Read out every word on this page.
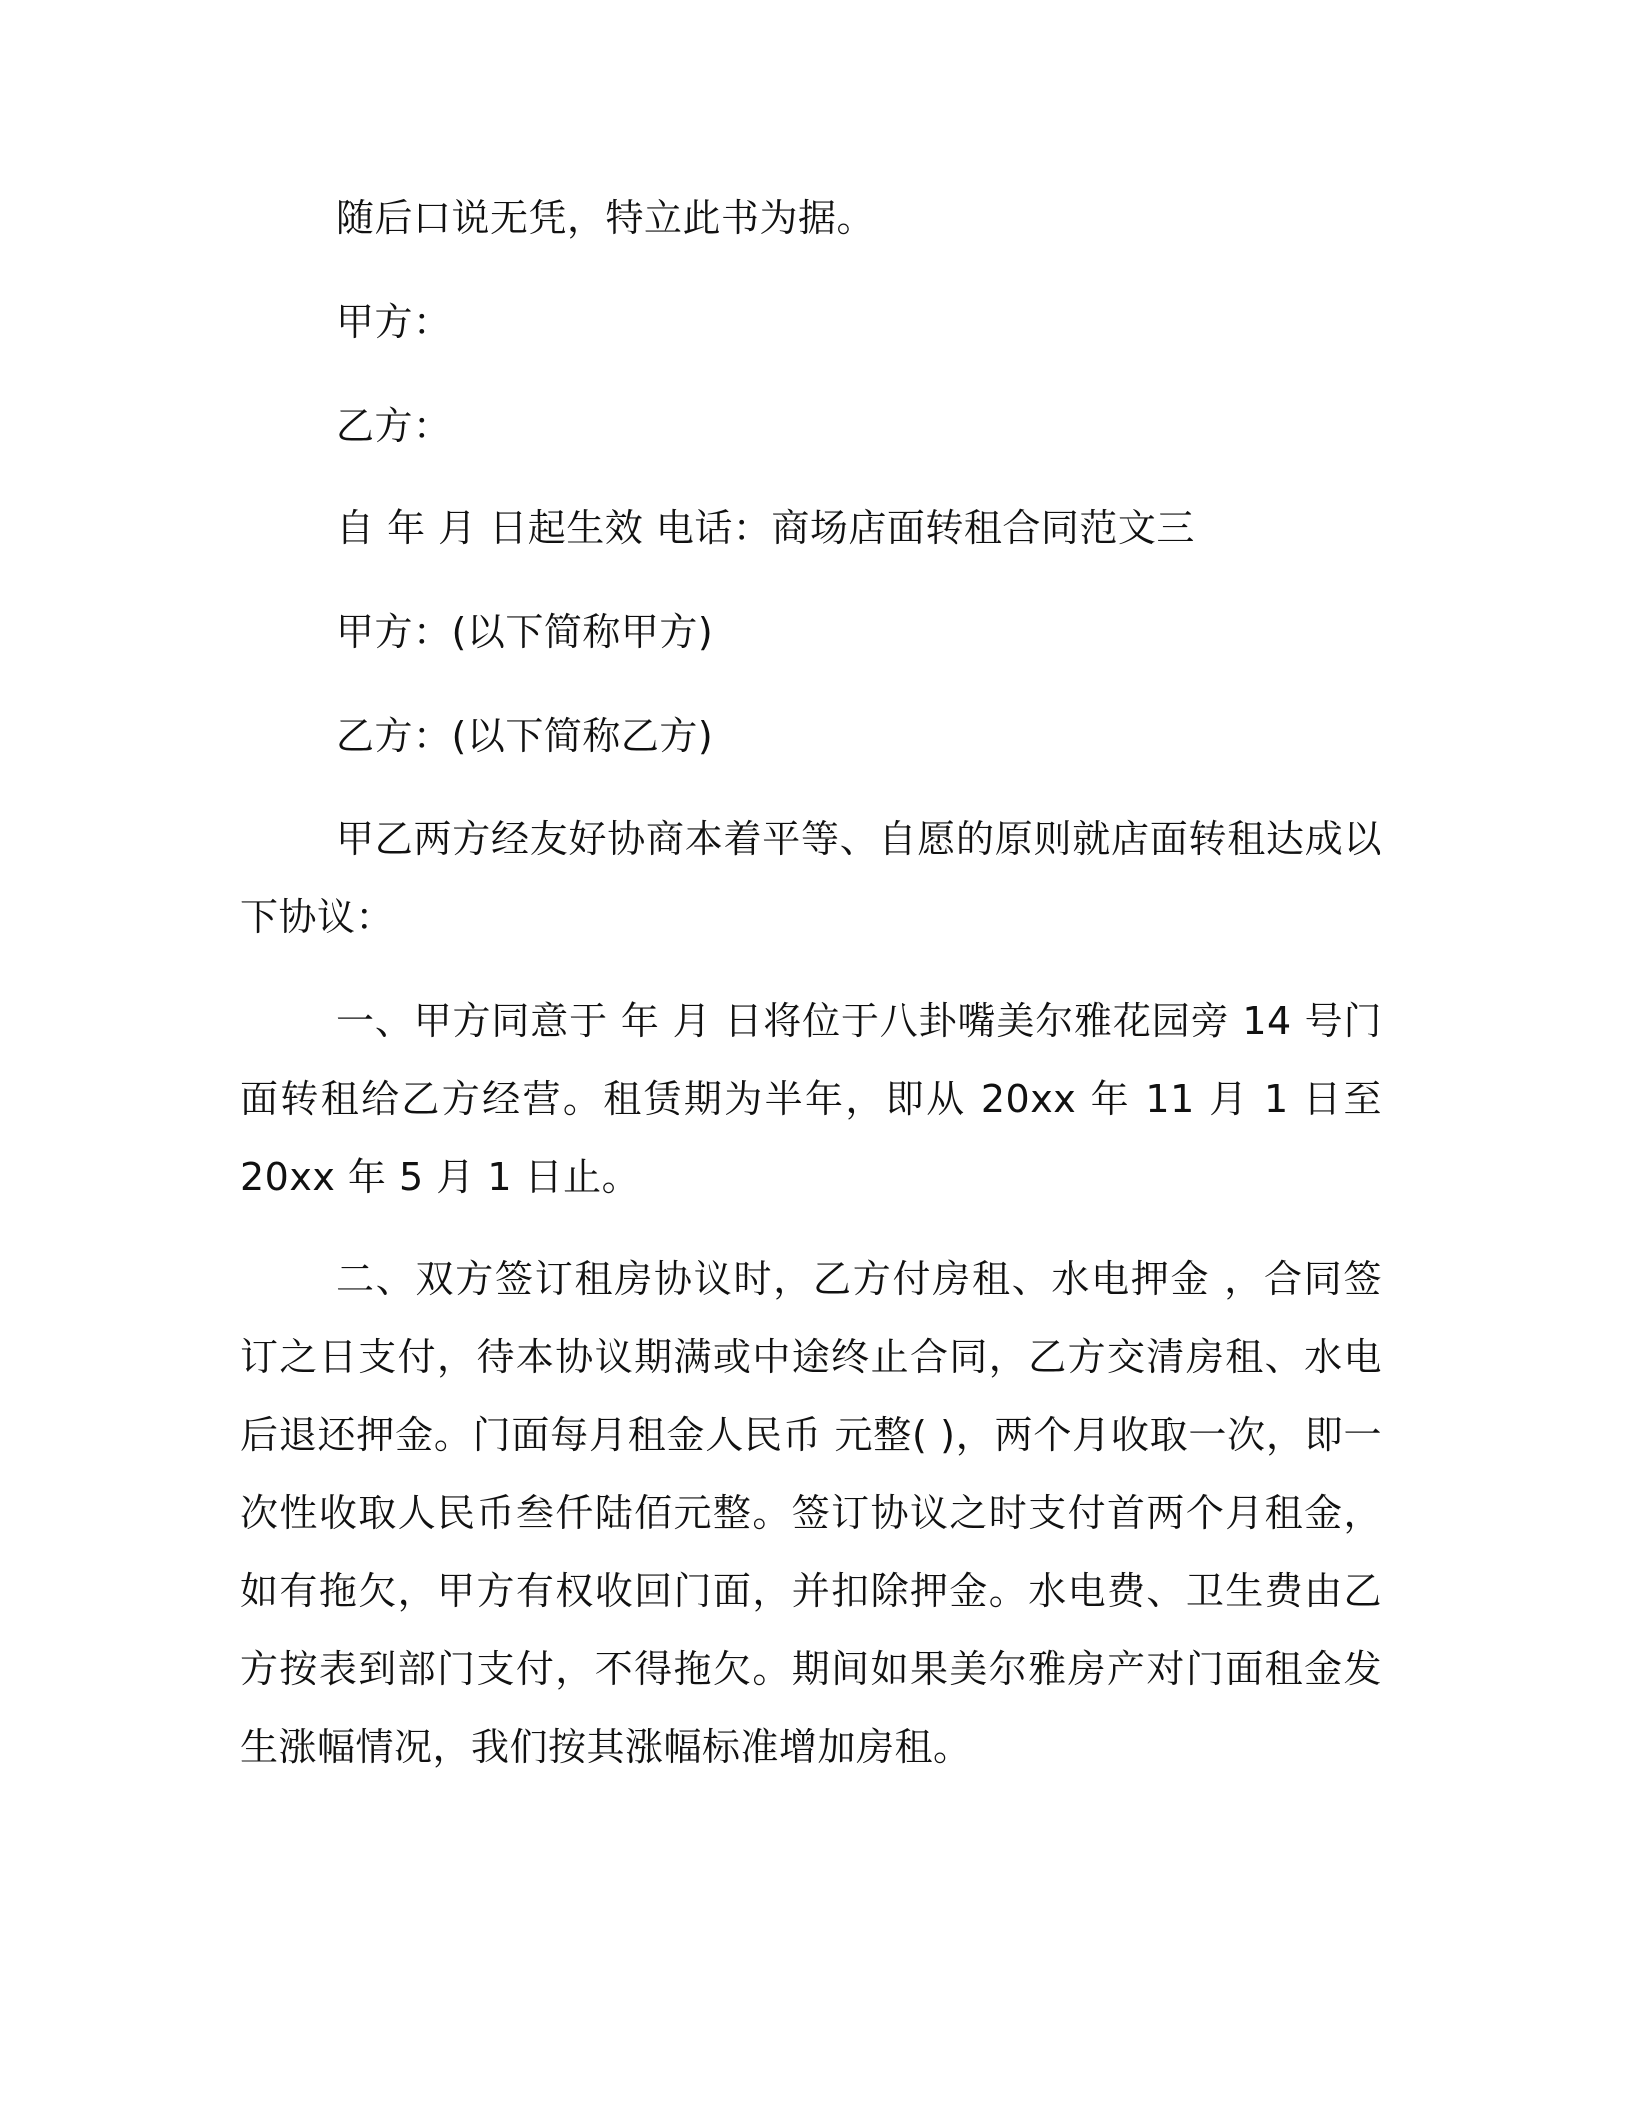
随后口说无凭，特立此书为据。
甲方：
乙方：
自 年 月 日起生效 电话：商场店面转租合同范文三
甲方：(以下简称甲方)
乙方：(以下简称乙方)
甲乙两方经友好协商本着平等、自愿的原则就店面转租达成以下协议：
一、甲方同意于 年 月 日将位于八卦嘴美尔雅花园旁 14 号门面转租给乙方经营。租赁期为半年，即从 20xx 年 11 月 1 日至 20xx 年 5 月 1 日止。
二、双方签订租房协议时，乙方付房租、水电押金 ，合同签订之日支付，待本协议期满或中途终止合同，乙方交清房租、水电后退还押金。门面每月租金人民币 元整( )，两个月收取一次，即一次性收取人民币叁仟陆佰元整。签订协议之时支付首两个月租金，如有拖欠，甲方有权收回门面，并扣除押金。水电费、卫生费由乙方按表到部门支付，不得拖欠。期间如果美尔雅房产对门面租金发生涨幅情况，我们按其涨幅标准增加房租。
